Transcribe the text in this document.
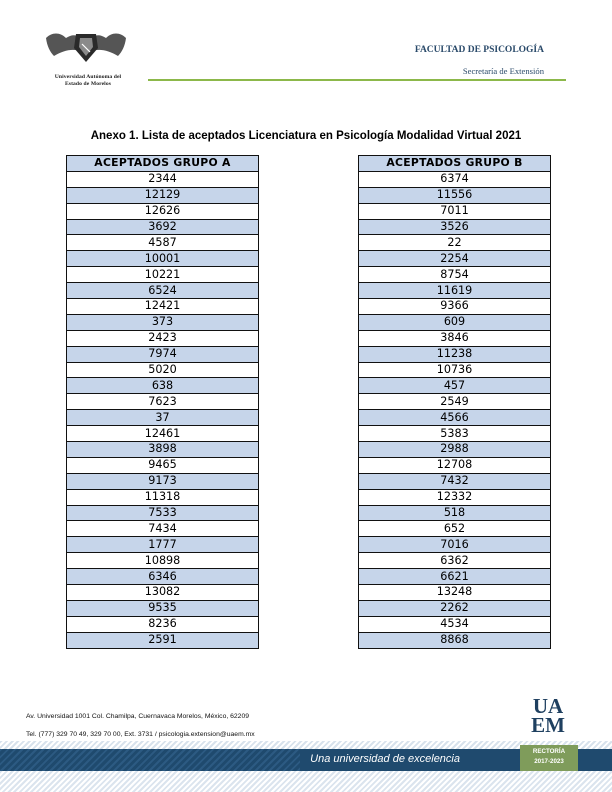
Universidad Autónoma del
Estado de Morelos
FACULTAD DE PSICOLOGÍA
Secretaría de Extensión
Anexo 1. Lista de aceptados Licenciatura en Psicología Modalidad Virtual 2021
ACEPTADOS GRUPO A
2344
12129
12626
3692
4587
10001
10221
6524
12421
373
2423
7974
5020
638
7623
37
12461
3898
9465
9173
11318
7533
7434
1777
10898
6346
13082
9535
8236
2591
ACEPTADOS GRUPO B
6374
11556
7011
3526
22
2254
8754
11619
9366
609
3846
11238
10736
457
2549
4566
5383
2988
12708
7432
12332
518
652
7016
6362
6621
13248
2262
4534
8868
Av. Universidad 1001 Col. Chamilpa, Cuernavaca Morelos, México, 62209
Tel. (777) 329 70 49, 329 70 00, Ext. 3731 / psicologia.extension@uaem.mx
UA
EM
Una universidad de excelencia
RECTORÍA
2017-2023
